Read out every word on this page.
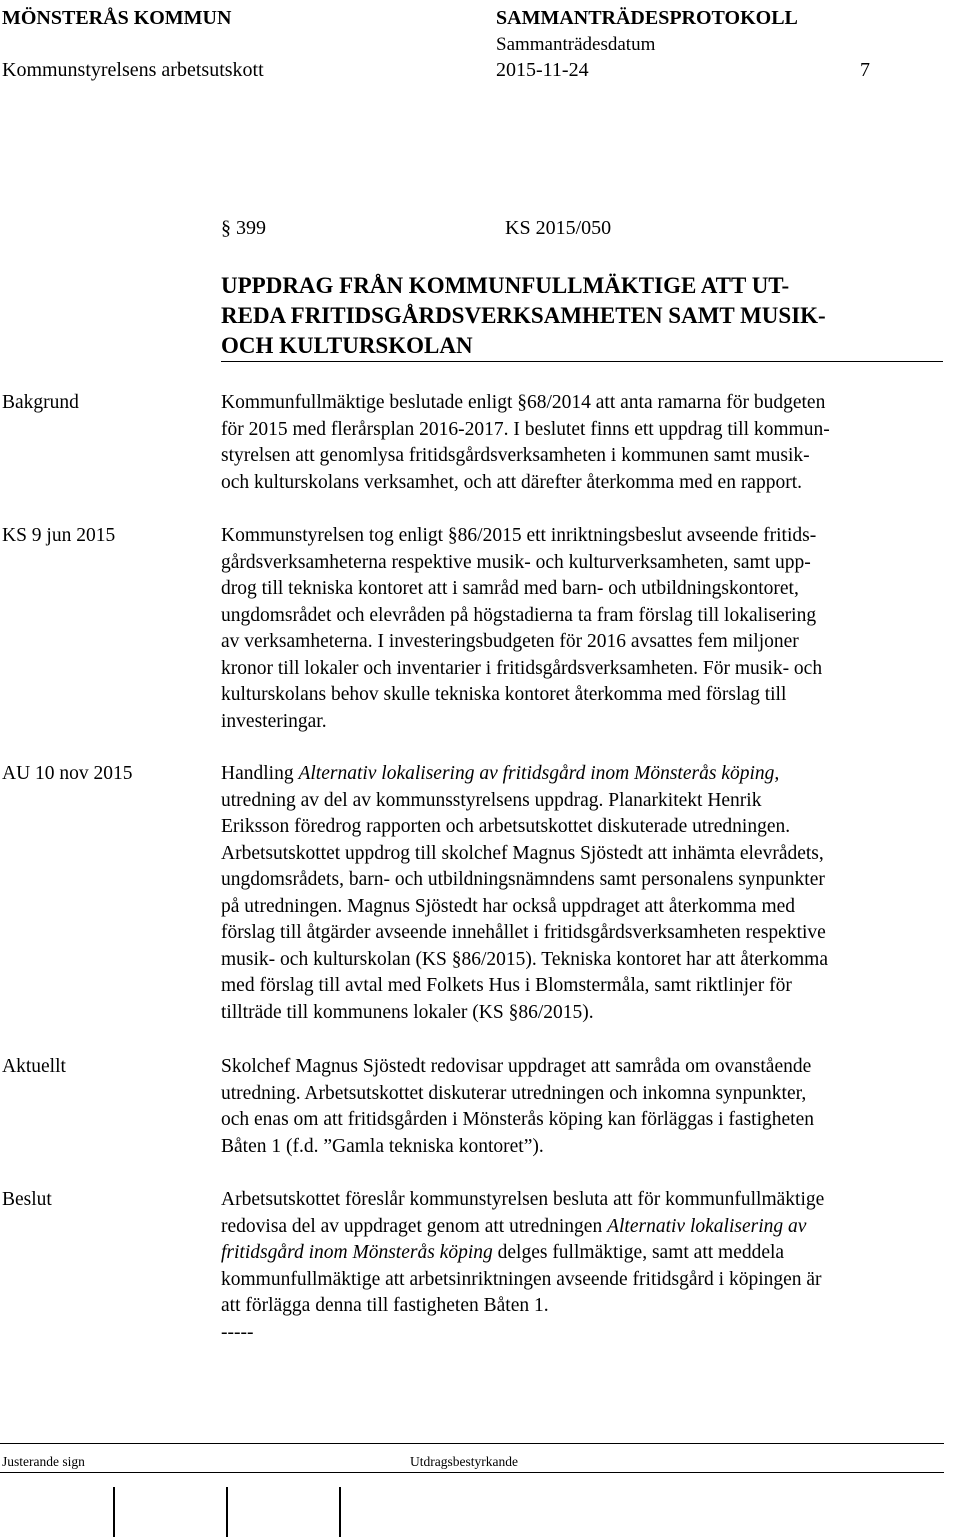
MÖNSTERÅS KOMMUN	SAMMANTRÄDESPROTOKOLL
Sammanträdesdatum
Kommunstyrelsens arbetsutskott	2015-11-24	7
§ 399	KS 2015/050
UPPDRAG FRÅN KOMMUNFULLMÄKTIGE ATT UT-
REDA FRITIDSGÅRDSVERKSAMHETEN SAMT MUSIK-
OCH KULTURSKOLAN
Bakgrund	Kommunfullmäktige beslutade enligt §68/2014 att anta ramarna för budgeten
för 2015 med flerårsplan 2016-2017. I beslutet finns ett uppdrag till kommun-
styrelsen att genomlysa fritidsgårdsverksamheten i kommunen samt musik-
och kulturskolans verksamhet, och att därefter återkomma med en rapport.
KS 9 jun 2015	Kommunstyrelsen tog enligt §86/2015 ett inriktningsbeslut avseende fritids-
gårdsverksamheterna respektive musik- och kulturverksamheten, samt upp-
drog till tekniska kontoret att i samråd med barn- och utbildningskontoret,
ungdomsrådet och elevråden på högstadierna ta fram förslag till lokalisering
av verksamheterna. I investeringsbudgeten för 2016 avsattes fem miljoner
kronor till lokaler och inventarier i fritidsgårdsverksamheten. För musik- och
kulturskolans behov skulle tekniska kontoret återkomma med förslag till
investeringar.
AU 10 nov 2015	Handling Alternativ lokalisering av fritidsgård inom Mönsterås köping,
utredning av del av kommunsstyrelsens uppdrag. Planarkitekt Henrik
Eriksson föredrog rapporten och arbetsutskottet diskuterade utredningen.
Arbetsutskottet uppdrog till skolchef Magnus Sjöstedt att inhämta elevrådets,
ungdomsrådets, barn- och utbildningsnämndens samt personalens synpunkter
på utredningen. Magnus Sjöstedt har också uppdraget att återkomma med
förslag till åtgärder avseende innehållet i fritidsgårdsverksamheten respektive
musik- och kulturskolan (KS §86/2015). Tekniska kontoret har att återkomma
med förslag till avtal med Folkets Hus i Blomstermåla, samt riktlinjer för
tillträde till kommunens lokaler (KS §86/2015).
Aktuellt	Skolchef Magnus Sjöstedt redovisar uppdraget att samråda om ovanstående
utredning. Arbetsutskottet diskuterar utredningen och inkomna synpunkter,
och enas om att fritidsgården i Mönsterås köping kan förläggas i fastigheten
Båten 1 (f.d. ”Gamla tekniska kontoret”).
Beslut	Arbetsutskottet föreslår kommunstyrelsen besluta att för kommunfullmäktige
redovisa del av uppdraget genom att utredningen Alternativ lokalisering av
fritidsgård inom Mönsterås köping delges fullmäktige, samt att meddela
kommunfullmäktige att arbetsinriktningen avseende fritidsgård i köpingen är
att förlägga denna till fastigheten Båten 1.
-----
Justerande sign	Utdragsbestyrkande
